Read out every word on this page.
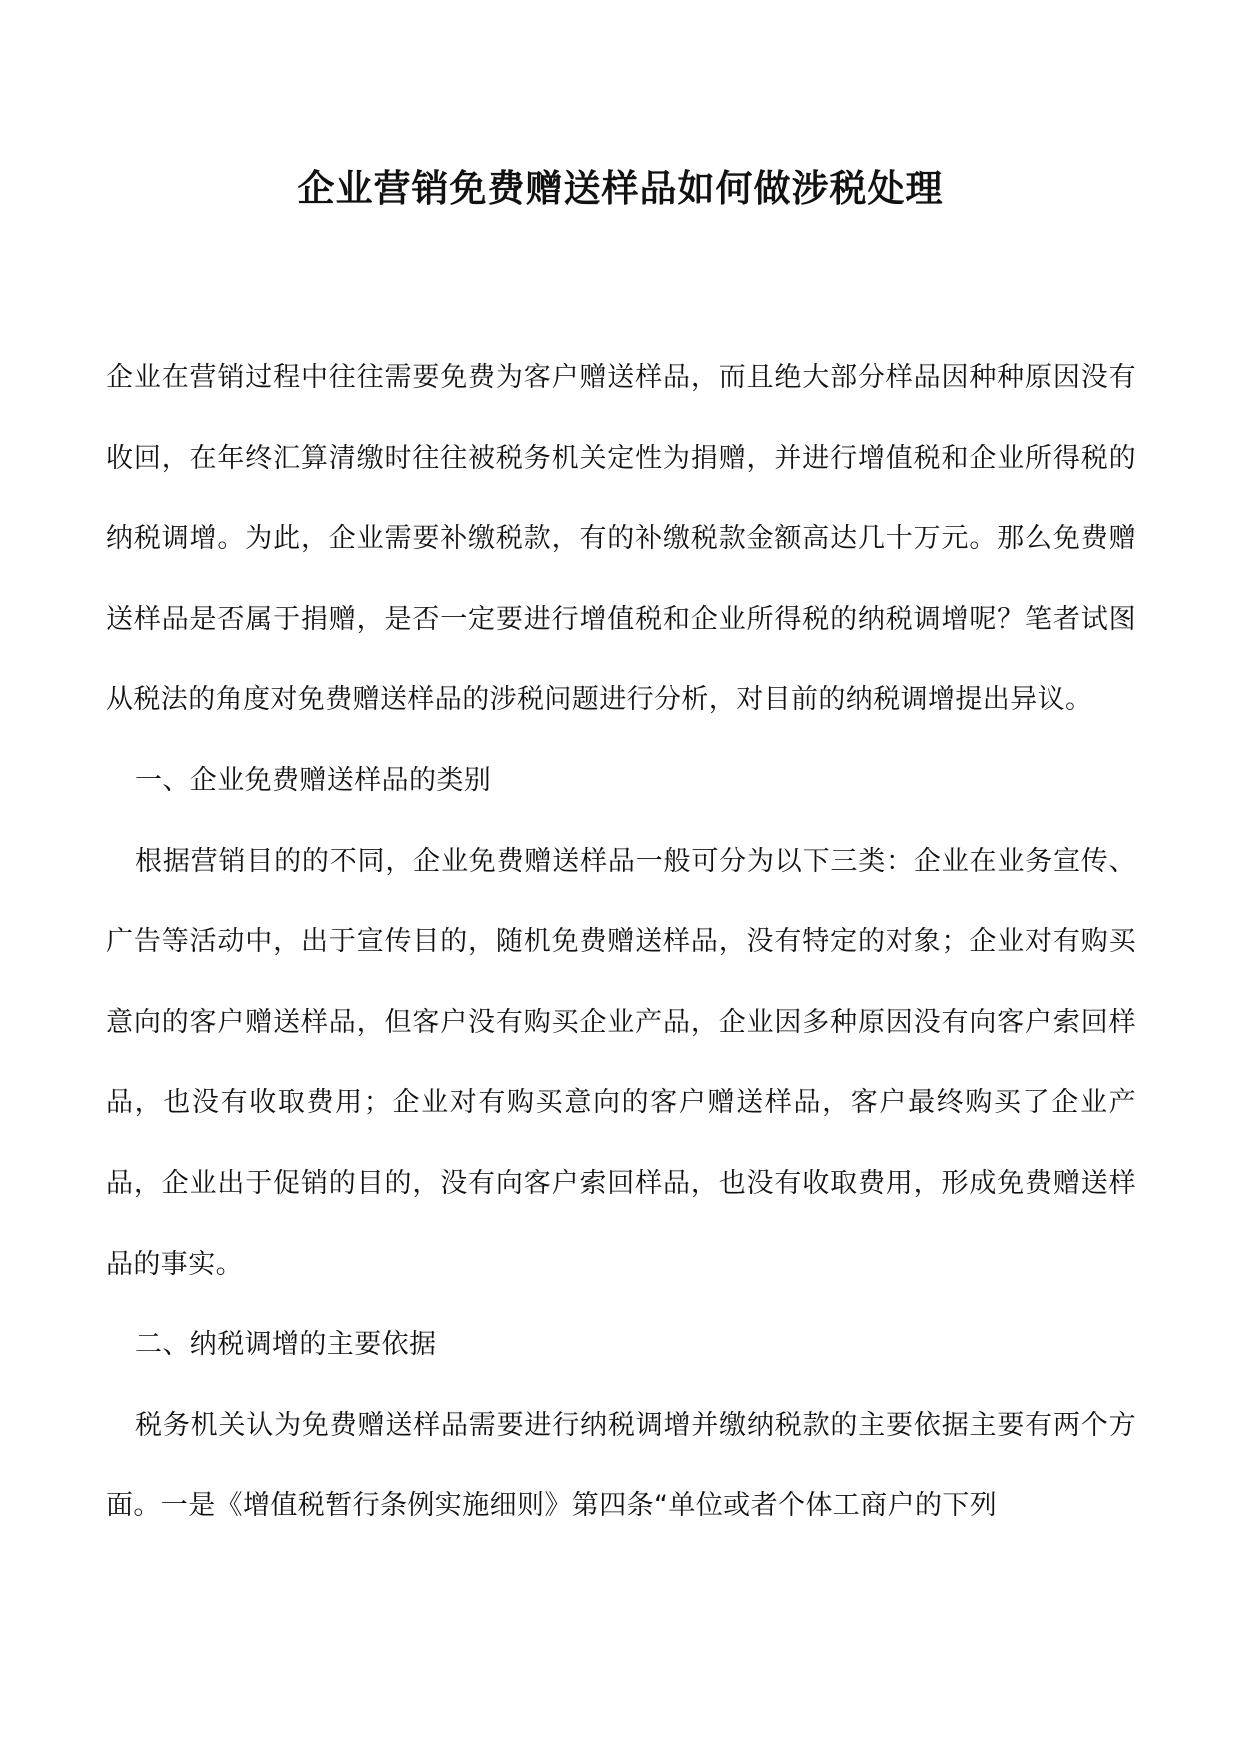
企业营销免费赠送样品如何做涉税处理

企业在营销过程中往往需要免费为客户赠送样品，而且绝大部分样品因种种原因没有收回，在年终汇算清缴时往往被税务机关定性为捐赠，并进行增值税和企业所得税的纳税调增。为此，企业需要补缴税款，有的补缴税款金额高达几十万元。那么免费赠送样品是否属于捐赠，是否一定要进行增值税和企业所得税的纳税调增呢？笔者试图从税法的角度对免费赠送样品的涉税问题进行分析，对目前的纳税调增提出异议。

一、企业免费赠送样品的类别

根据营销目的的不同，企业免费赠送样品一般可分为以下三类：企业在业务宣传、广告等活动中，出于宣传目的，随机免费赠送样品，没有特定的对象；企业对有购买意向的客户赠送样品，但客户没有购买企业产品，企业因多种原因没有向客户索回样品，也没有收取费用；企业对有购买意向的客户赠送样品，客户最终购买了企业产品，企业出于促销的目的，没有向客户索回样品，也没有收取费用，形成免费赠送样品的事实。

二、纳税调增的主要依据

税务机关认为免费赠送样品需要进行纳税调增并缴纳税款的主要依据主要有两个方面。一是《增值税暂行条例实施细则》第四条“单位或者个体工商户的下列
